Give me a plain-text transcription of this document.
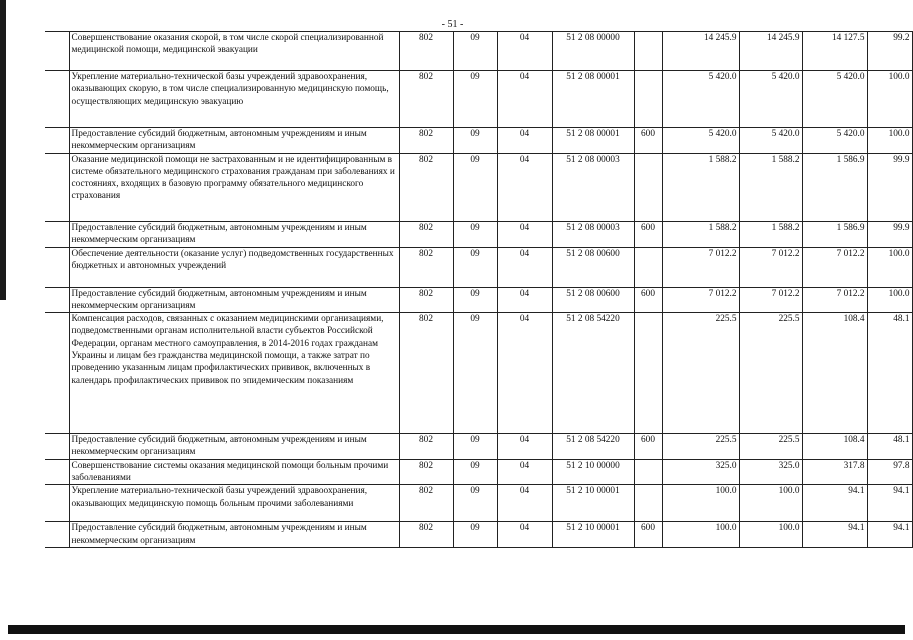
- 51 -
	Совершенствование оказания скорой, в том числе скорой специализированной медицинской помощи, медицинской эвакуации	802	09	04	51 2 08 00000		14 245.9	14 245.9	14 127.5	99.2
	Укрепление материально-технической базы учреждений здравоохранения, оказывающих скорую, в том числе специализированную медицинскую помощь, осуществляющих медицинскую эвакуацию	802	09	04	51 2 08 00001		5 420.0	5 420.0	5 420.0	100.0
	Предоставление субсидий бюджетным, автономным учреждениям и иным некоммерческим организациям	802	09	04	51 2 08 00001	600	5 420.0	5 420.0	5 420.0	100.0
	Оказание медицинской помощи не застрахованным и не идентифицированным в системе обязательного медицинского страхования гражданам при заболеваниях и состояниях, входящих в базовую программу обязательного медицинского страхования	802	09	04	51 2 08 00003		1 588.2	1 588.2	1 586.9	99.9
	Предоставление субсидий бюджетным, автономным учреждениям и иным некоммерческим организациям	802	09	04	51 2 08 00003	600	1 588.2	1 588.2	1 586.9	99.9
	Обеспечение деятельности (оказание услуг) подведомственных государственных бюджетных и автономных учреждений	802	09	04	51 2 08 00600		7 012.2	7 012.2	7 012.2	100.0
	Предоставление субсидий бюджетным, автономным учреждениям и иным некоммерческим организациям	802	09	04	51 2 08 00600	600	7 012.2	7 012.2	7 012.2	100.0
	Компенсация расходов, связанных с оказанием медицинскими организациями, подведомственными органам исполнительной власти субъектов Российской Федерации, органам местного самоуправления, в 2014-2016 годах гражданам Украины и лицам без гражданства медицинской помощи, а также затрат по проведению указанным лицам профилактических прививок, включенных в календарь профилактических прививок по эпидемическим показаниям	802	09	04	51 2 08 54220		225.5	225.5	108.4	48.1
	Предоставление субсидий бюджетным, автономным учреждениям и иным некоммерческим организациям	802	09	04	51 2 08 54220	600	225.5	225.5	108.4	48.1
	Совершенствование системы оказания медицинской помощи больным прочими заболеваниями	802	09	04	51 2 10 00000		325.0	325.0	317.8	97.8
	Укрепление материально-технической базы учреждений здравоохранения, оказывающих медицинскую помощь больным прочими заболеваниями	802	09	04	51 2 10 00001		100.0	100.0	94.1	94.1
	Предоставление субсидий бюджетным, автономным учреждениям и иным некоммерческим организациям	802	09	04	51 2 10 00001	600	100.0	100.0	94.1	94.1
